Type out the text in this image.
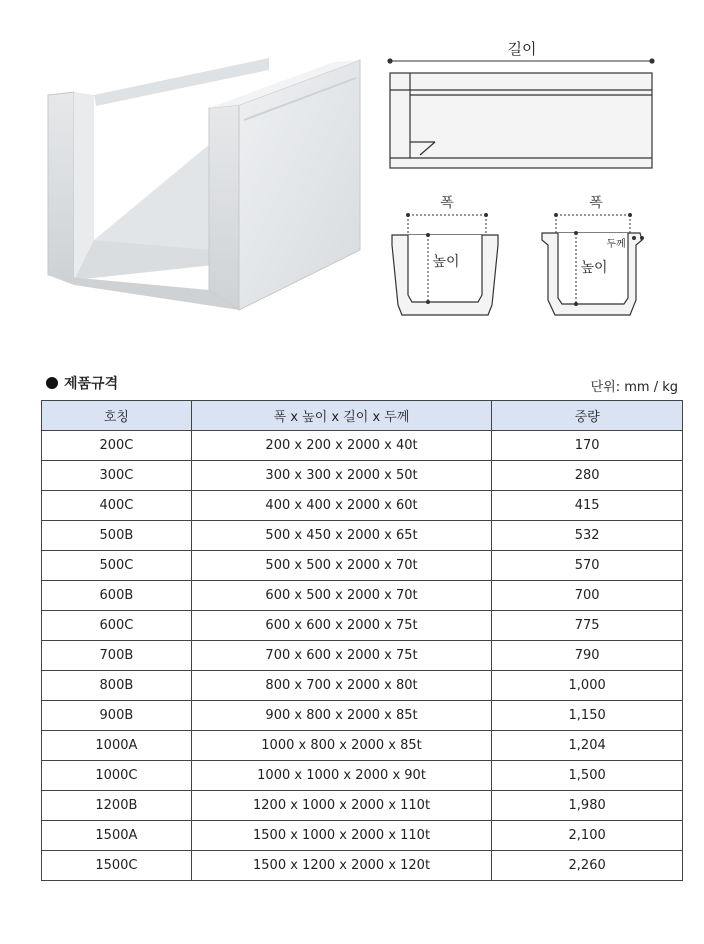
길이
폭
높이
폭
높이
두께
제품규격	단위: mm / kg
호칭	폭 x 높이 x 길이 x 두께	중량
200C	200 x 200 x 2000 x 40t	170
300C	300 x 300 x 2000 x 50t	280
400C	400 x 400 x 2000 x 60t	415
500B	500 x 450 x 2000 x 65t	532
500C	500 x 500 x 2000 x 70t	570
600B	600 x 500 x 2000 x 70t	700
600C	600 x 600 x 2000 x 75t	775
700B	700 x 600 x 2000 x 75t	790
800B	800 x 700 x 2000 x 80t	1,000
900B	900 x 800 x 2000 x 85t	1,150
1000A	1000 x 800 x 2000 x 85t	1,204
1000C	1000 x 1000 x 2000 x 90t	1,500
1200B	1200 x 1000 x 2000 x 110t	1,980
1500A	1500 x 1000 x 2000 x 110t	2,100
1500C	1500 x 1200 x 2000 x 120t	2,260
